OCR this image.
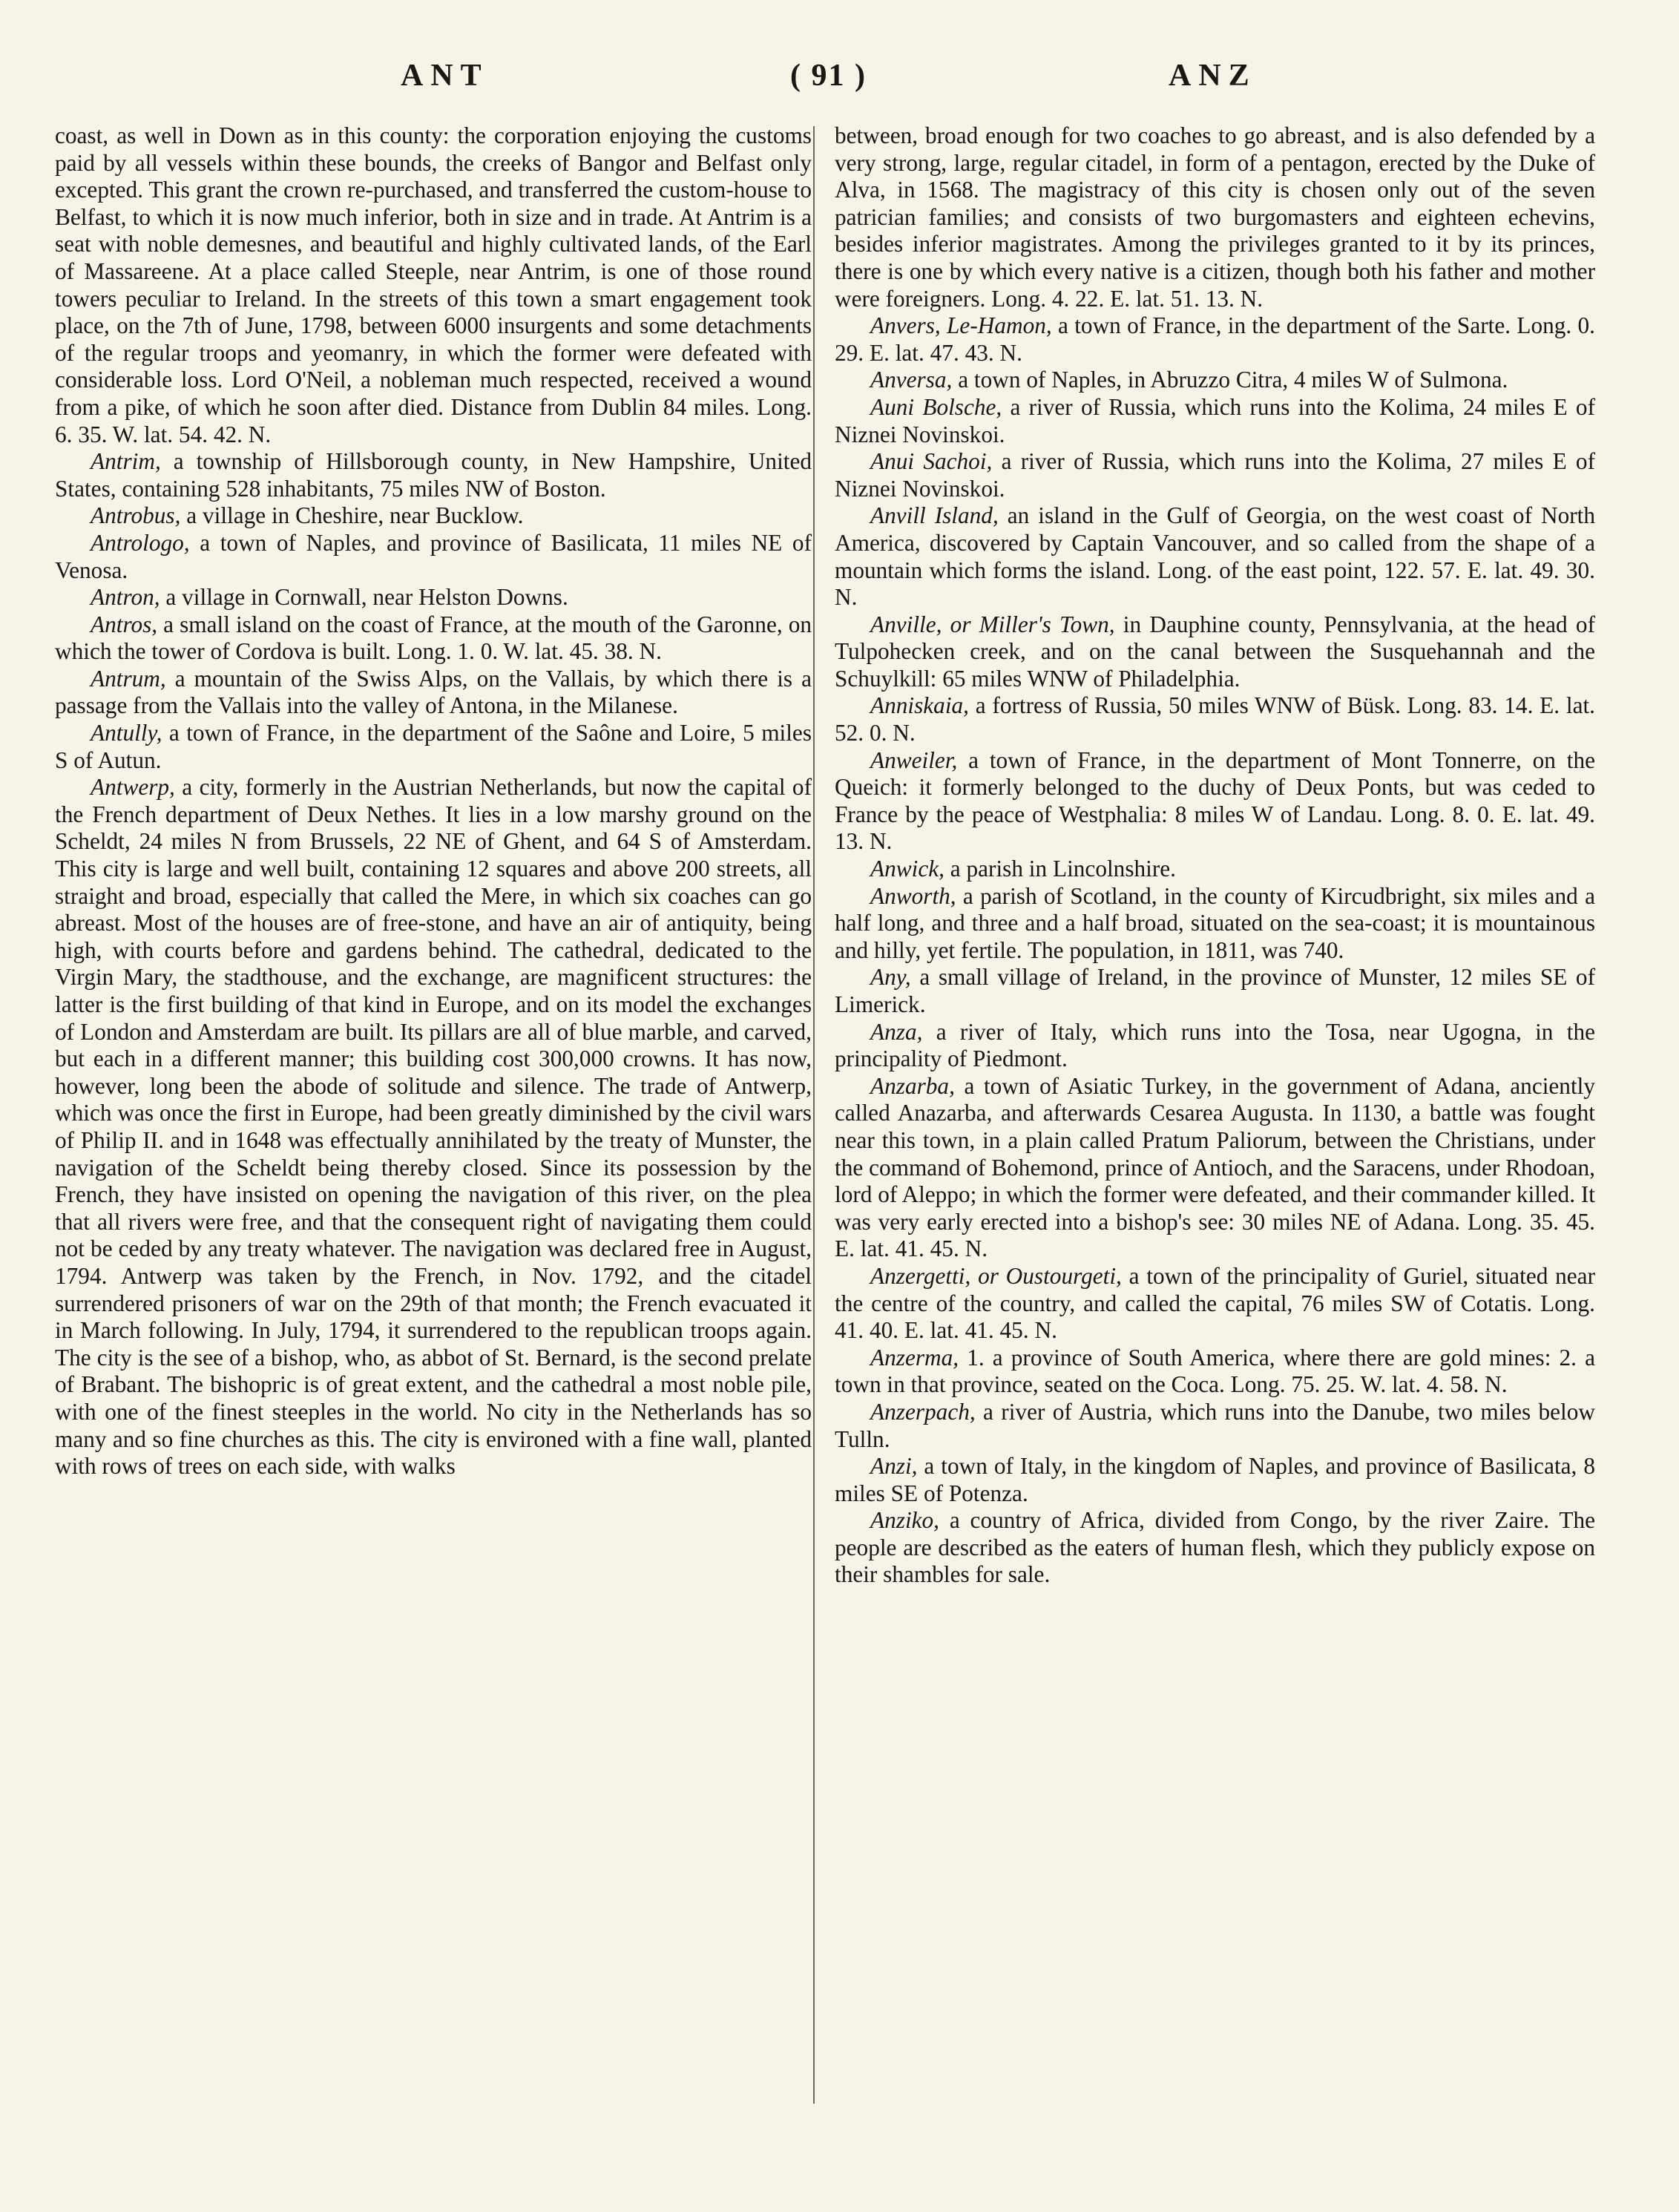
ANT	( 91 )	ANZ

coast, as well in Down as in this county: the corporation enjoying the customs paid by all vessels within these bounds, the creeks of Bangor and Belfast only excepted. This grant the crown re-purchased, and transferred the custom-house to Belfast, to which it is now much inferior, both in size and in trade. At Antrim is a seat with noble demesnes, and beautiful and highly cultivated lands, of the Earl of Massareene. At a place called Steeple, near Antrim, is one of those round towers peculiar to Ireland. In the streets of this town a smart engagement took place, on the 7th of June, 1798, between 6000 insurgents and some detachments of the regular troops and yeomanry, in which the former were defeated with considerable loss. Lord O'Neil, a nobleman much respected, received a wound from a pike, of which he soon after died. Distance from Dublin 84 miles. Long. 6. 35. W. lat. 54. 42. N.

Antrim, a township of Hillsborough county, in New Hampshire, United States, containing 528 inhabitants, 75 miles NW of Boston.

Antrobus, a village in Cheshire, near Bucklow.

Antrologo, a town of Naples, and province of Basilicata, 11 miles NE of Venosa.

Antron, a village in Cornwall, near Helston Downs.

Antros, a small island on the coast of France, at the mouth of the Garonne, on which the tower of Cordova is built. Long. 1. 0. W. lat. 45. 38. N.

Antrum, a mountain of the Swiss Alps, on the Vallais, by which there is a passage from the Vallais into the valley of Antona, in the Milanese.

Antully, a town of France, in the department of the Saône and Loire, 5 miles S of Autun.

Antwerp, a city, formerly in the Austrian Netherlands, but now the capital of the French department of Deux Nethes. It lies in a low marshy ground on the Scheldt, 24 miles N from Brussels, 22 NE of Ghent, and 64 S of Amsterdam. This city is large and well built, containing 12 squares and above 200 streets, all straight and broad, especially that called the Mere, in which six coaches can go abreast. Most of the houses are of free-stone, and have an air of antiquity, being high, with courts before and gardens behind. The cathedral, dedicated to the Virgin Mary, the stadthouse, and the exchange, are magnificent structures: the latter is the first building of that kind in Europe, and on its model the exchanges of London and Amsterdam are built. Its pillars are all of blue marble, and carved, but each in a different manner; this building cost 300,000 crowns. It has now, however, long been the abode of solitude and silence. The trade of Antwerp, which was once the first in Europe, had been greatly diminished by the civil wars of Philip II. and in 1648 was effectually annihilated by the treaty of Munster, the navigation of the Scheldt being thereby closed. Since its possession by the French, they have insisted on opening the navigation of this river, on the plea that all rivers were free, and that the consequent right of navigating them could not be ceded by any treaty whatever. The navigation was declared free in August, 1794. Antwerp was taken by the French, in Nov. 1792, and the citadel surrendered prisoners of war on the 29th of that month; the French evacuated it in March following. In July, 1794, it surrendered to the republican troops again. The city is the see of a bishop, who, as abbot of St. Bernard, is the second prelate of Brabant. The bishopric is of great extent, and the cathedral a most noble pile, with one of the finest steeples in the world. No city in the Netherlands has so many and so fine churches as this. The city is environed with a fine wall, planted with rows of trees on each side, with walks

between, broad enough for two coaches to go abreast, and is also defended by a very strong, large, regular citadel, in form of a pentagon, erected by the Duke of Alva, in 1568. The magistracy of this city is chosen only out of the seven patrician families; and consists of two burgomasters and eighteen echevins, besides inferior magistrates. Among the privileges granted to it by its princes, there is one by which every native is a citizen, though both his father and mother were foreigners. Long. 4. 22. E. lat. 51. 13. N.

Anvers, Le-Hamon, a town of France, in the department of the Sarte. Long. 0. 29. E. lat. 47. 43. N.

Anversa, a town of Naples, in Abruzzo Citra, 4 miles W of Sulmona.

Auni Bolsche, a river of Russia, which runs into the Kolima, 24 miles E of Niznei Novinskoi.

Anui Sachoi, a river of Russia, which runs into the Kolima, 27 miles E of Niznei Novinskoi.

Anvill Island, an island in the Gulf of Georgia, on the west coast of North America, discovered by Captain Vancouver, and so called from the shape of a mountain which forms the island. Long. of the east point, 122. 57. E. lat. 49. 30. N.

Anville, or Miller's Town, in Dauphine county, Pennsylvania, at the head of Tulpohecken creek, and on the canal between the Susquehannah and the Schuylkill: 65 miles WNW of Philadelphia.

Anniskaia, a fortress of Russia, 50 miles WNW of Büsk. Long. 83. 14. E. lat. 52. 0. N.

Anweiler, a town of France, in the department of Mont Tonnerre, on the Queich: it formerly belonged to the duchy of Deux Ponts, but was ceded to France by the peace of Westphalia: 8 miles W of Landau. Long. 8. 0. E. lat. 49. 13. N.

Anwick, a parish in Lincolnshire.

Anworth, a parish of Scotland, in the county of Kircudbright, six miles and a half long, and three and a half broad, situated on the sea-coast; it is mountainous and hilly, yet fertile. The population, in 1811, was 740.

Any, a small village of Ireland, in the province of Munster, 12 miles SE of Limerick.

Anza, a river of Italy, which runs into the Tosa, near Ugogna, in the principality of Piedmont.

Anzarba, a town of Asiatic Turkey, in the government of Adana, anciently called Anazarba, and afterwards Cesarea Augusta. In 1130, a battle was fought near this town, in a plain called Pratum Paliorum, between the Christians, under the command of Bohemond, prince of Antioch, and the Saracens, under Rhodoan, lord of Aleppo; in which the former were defeated, and their commander killed. It was very early erected into a bishop's see: 30 miles NE of Adana. Long. 35. 45. E. lat. 41. 45. N.

Anzergetti, or Oustourgeti, a town of the principality of Guriel, situated near the centre of the country, and called the capital, 76 miles SW of Cotatis. Long. 41. 40. E. lat. 41. 45. N.

Anzerma, 1. a province of South America, where there are gold mines: 2. a town in that province, seated on the Coca. Long. 75. 25. W. lat. 4. 58. N.

Anzerpach, a river of Austria, which runs into the Danube, two miles below Tulln.

Anzi, a town of Italy, in the kingdom of Naples, and province of Basilicata, 8 miles SE of Potenza.

Anziko, a country of Africa, divided from Congo, by the river Zaire. The people are described as the eaters of human flesh, which they publicly expose on their shambles for sale.
